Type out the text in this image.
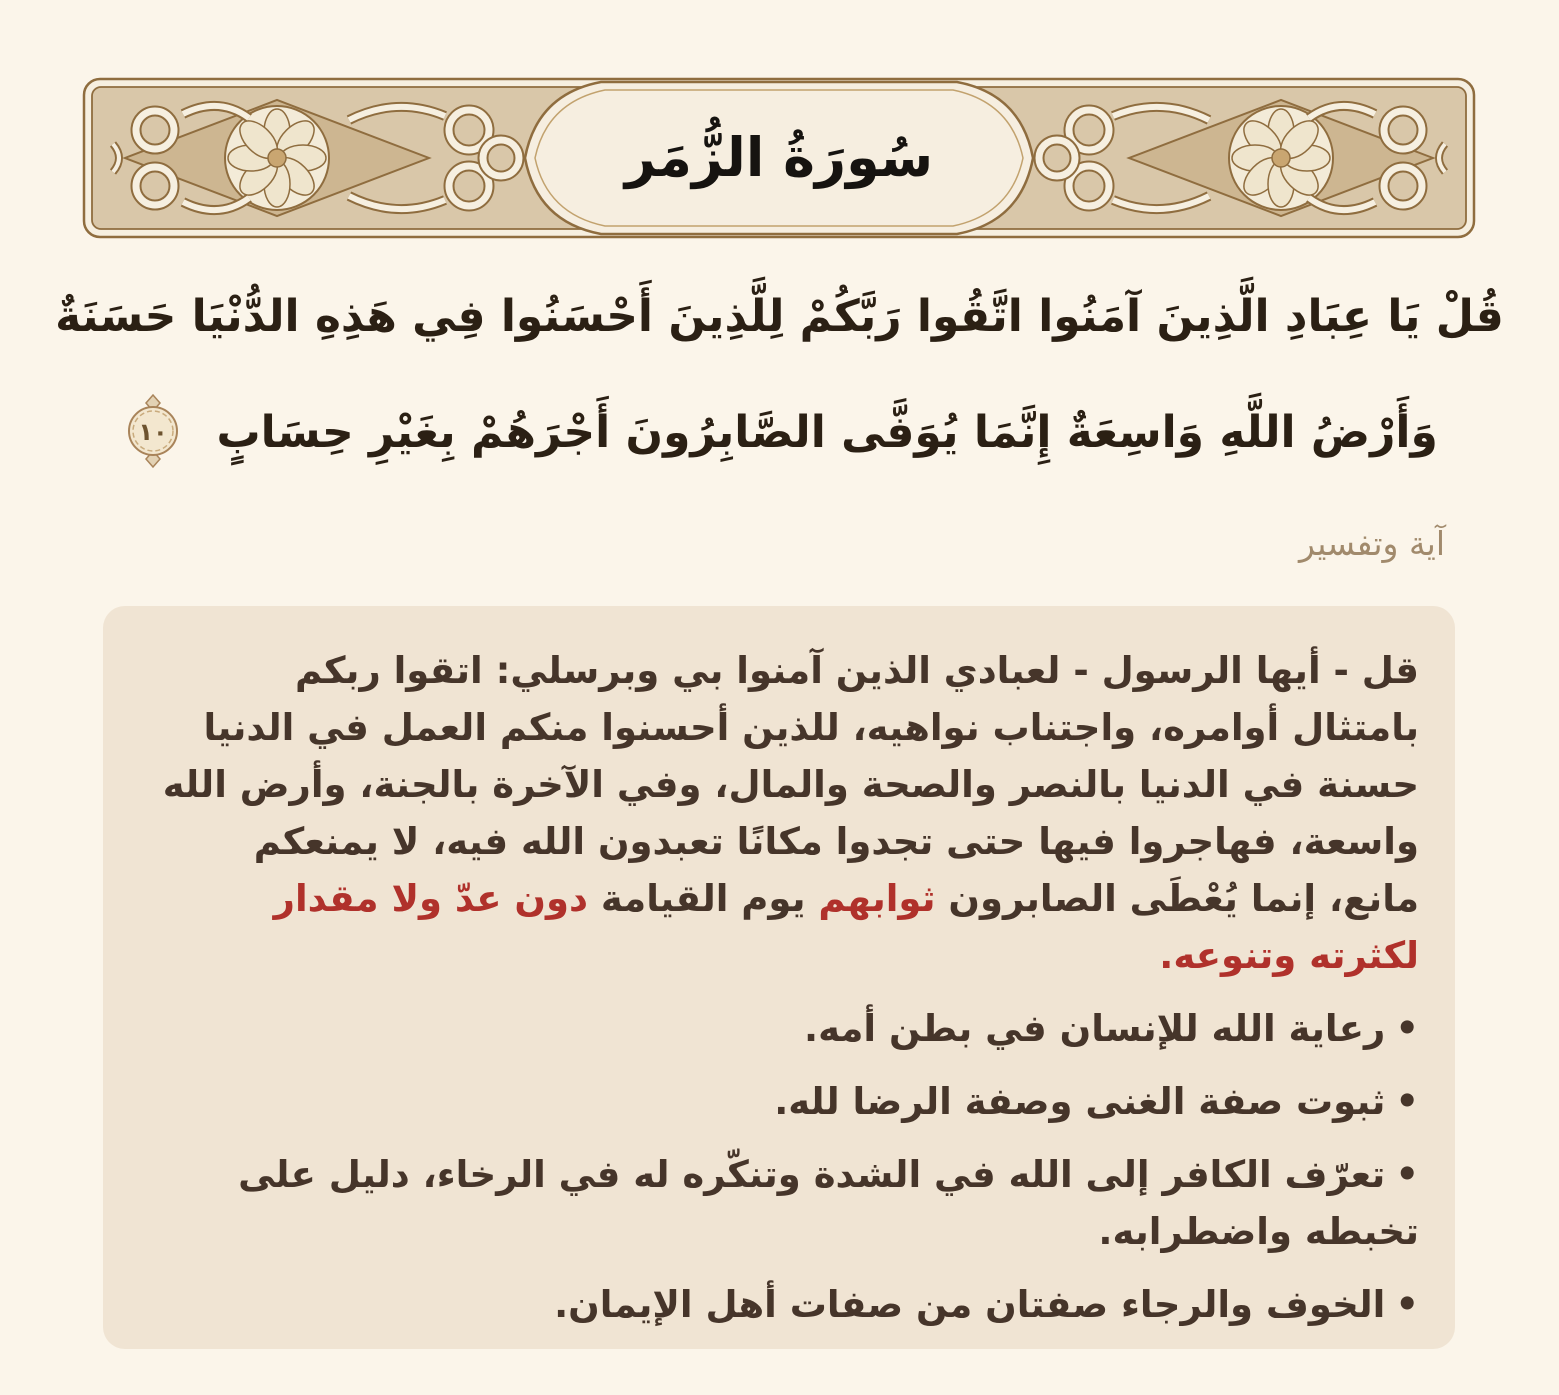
سُورَةُ الزُّمَر
قُلْ يَا عِبَادِ الَّذِينَ آمَنُوا اتَّقُوا رَبَّكُمْ لِلَّذِينَ أَحْسَنُوا فِي هَذِهِ الدُّنْيَا حَسَنَةٌ
وَأَرْضُ اللَّهِ وَاسِعَةٌ إِنَّمَا يُوَفَّى الصَّابِرُونَ أَجْرَهُمْ بِغَيْرِ حِسَابٍ
١٠
آية وتفسير

قل - أيها الرسول - لعبادي الذين آمنوا بي وبرسلي: اتقوا ربكم بامتثال أوامره، واجتناب نواهيه، للذين أحسنوا منكم العمل في الدنيا حسنة في الدنيا بالنصر والصحة والمال، وفي الآخرة بالجنة، وأرض الله واسعة، فهاجروا فيها حتى تجدوا مكانًا تعبدون الله فيه، لا يمنعكم مانع، إنما يُعْطَى الصابرون ثوابهم يوم القيامة دون عدّ ولا مقدار لكثرته وتنوعه.

•رعاية الله للإنسان في بطن أمه.
•ثبوت صفة الغنى وصفة الرضا لله.
•تعرّف الكافر إلى الله في الشدة وتنكّره له في الرخاء، دليل على تخبطه واضطرابه.
•الخوف والرجاء صفتان من صفات أهل الإيمان.
